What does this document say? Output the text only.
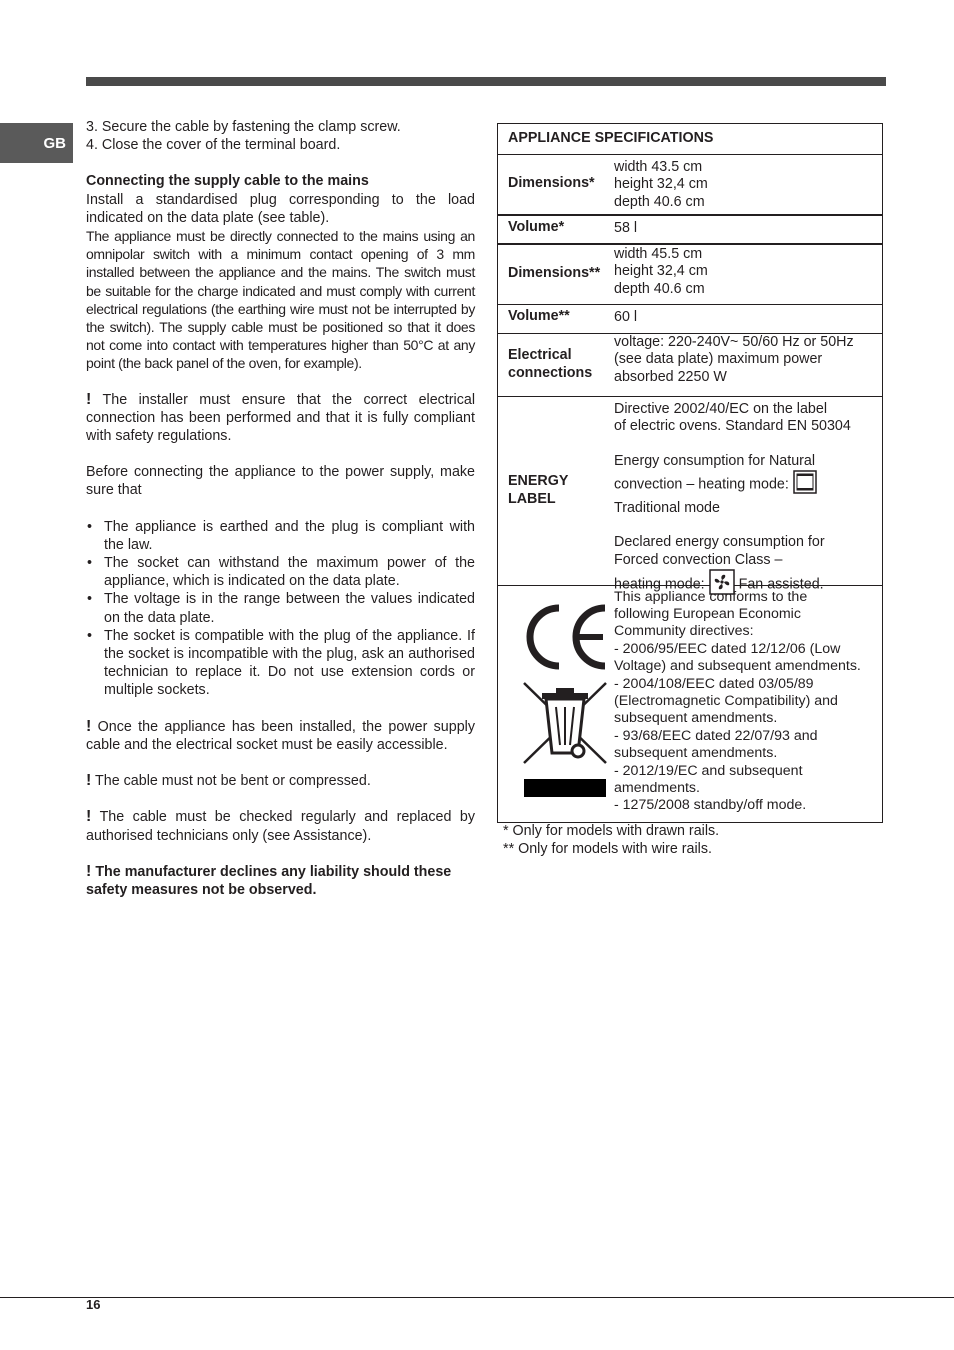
GB

3. Secure the cable by fastening the clamp screw.

4. Close the cover of the terminal board.

Connecting the supply cable to the mains

Install a standardised plug corresponding to the load indicated on the data plate (see table).

The appliance must be directly connected to the mains using an omnipolar switch with a minimum contact opening of 3 mm installed between the appliance and the mains. The switch must be suitable for the charge indicated and must comply with current electrical regulations (the earthing wire must not be interrupted by the switch). The supply cable must be positioned so that it does not come into contact with temperatures higher than 50°C at any point (the back panel of the oven, for example).

! The installer must ensure that the correct electrical connection has been performed and that it is fully compliant with safety regulations.

Before connecting the appliance to the power supply, make sure that

• The appliance is earthed and the plug is compliant with the law.
• The socket can withstand the maximum power of the appliance, which is indicated on the data plate.
• The voltage is in the range between the values indicated on the data plate.
• The socket is compatible with the plug of the appliance. If the socket is incompatible with the plug, ask an authorised technician to replace it. Do not use extension cords or multiple sockets.

! Once the appliance has been installed, the power supply cable and the electrical socket must be easily accessible.

! The cable must not be bent or compressed.

! The cable must be checked regularly and replaced by authorised technicians only (see Assistance).

! The manufacturer declines any liability should these safety measures not be observed.

APPLIANCE SPECIFICATIONS
Dimensions*
width 43.5 cm
height 32,4 cm
depth 40.6 cm
Volume*	58 l
Dimensions**
width 45.5 cm
height 32,4 cm
depth 40.6 cm
Volume**	60 l
Electrical
connections
voltage: 220-240V~ 50/60 Hz or 50Hz
(see data plate) maximum power
absorbed 2250 W
ENERGY
LABEL
Directive 2002/40/EC on the label
of electric ovens. Standard EN 50304
Energy consumption for Natural
convection – heating mode:
Traditional mode
Declared energy consumption for
Forced convection Class –
heating mode: Fan assisted.
This appliance conforms to the
following European Economic
Community directives:
- 2006/95/EEC dated 12/12/06 (Low
Voltage) and subsequent amendments.
- 2004/108/EEC dated 03/05/89
(Electromagnetic Compatibility) and
subsequent amendments.
- 93/68/EEC dated 22/07/93 and
subsequent amendments.
- 2012/19/EC and subsequent
amendments.
- 1275/2008 standby/off mode.
* Only for models with drawn rails.
** Only for models with wire rails.
16
